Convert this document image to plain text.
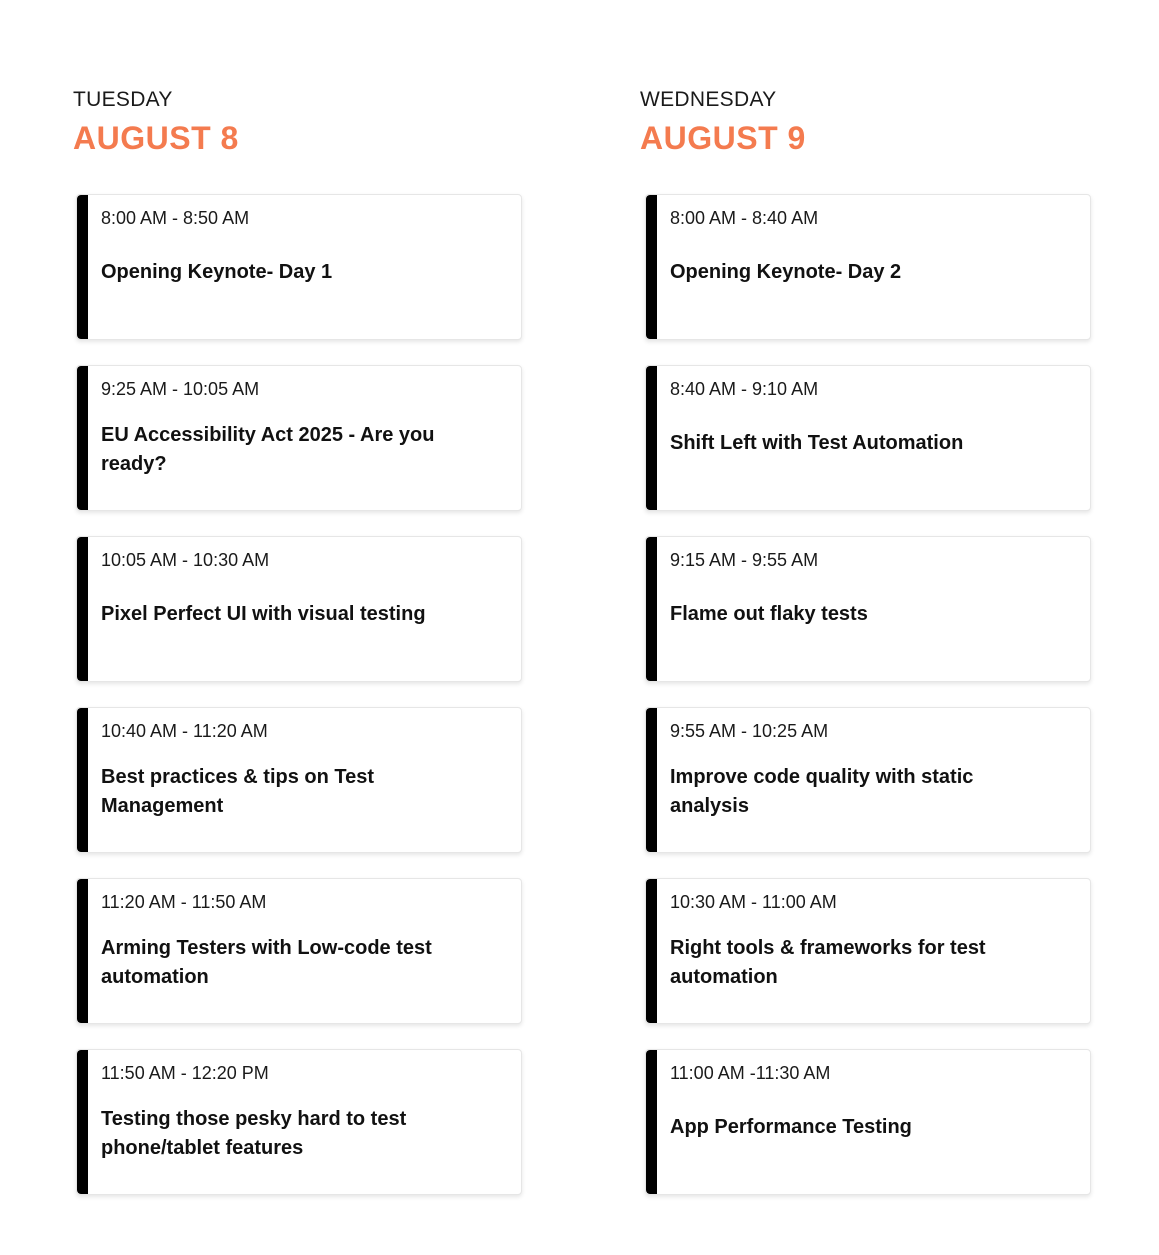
TUESDAY
AUGUST 8
8:00 AM - 8:50 AM
Opening Keynote- Day 1
9:25 AM - 10:05 AM
EU Accessibility Act 2025 - Are you ready?
10:05 AM - 10:30 AM
Pixel Perfect UI with visual testing
10:40 AM - 11:20 AM
Best practices & tips on Test Management
11:20 AM - 11:50 AM
Arming Testers with Low-code test automation
11:50 AM - 12:20 PM
Testing those pesky hard to test phone/tablet features
WEDNESDAY
AUGUST 9
8:00 AM - 8:40 AM
Opening Keynote- Day 2
8:40 AM - 9:10 AM
Shift Left with Test Automation
9:15 AM - 9:55 AM
Flame out flaky tests
9:55 AM - 10:25 AM
Improve code quality with static analysis
10:30 AM - 11:00 AM
Right tools & frameworks for test automation
11:00 AM -11:30 AM
App Performance Testing
